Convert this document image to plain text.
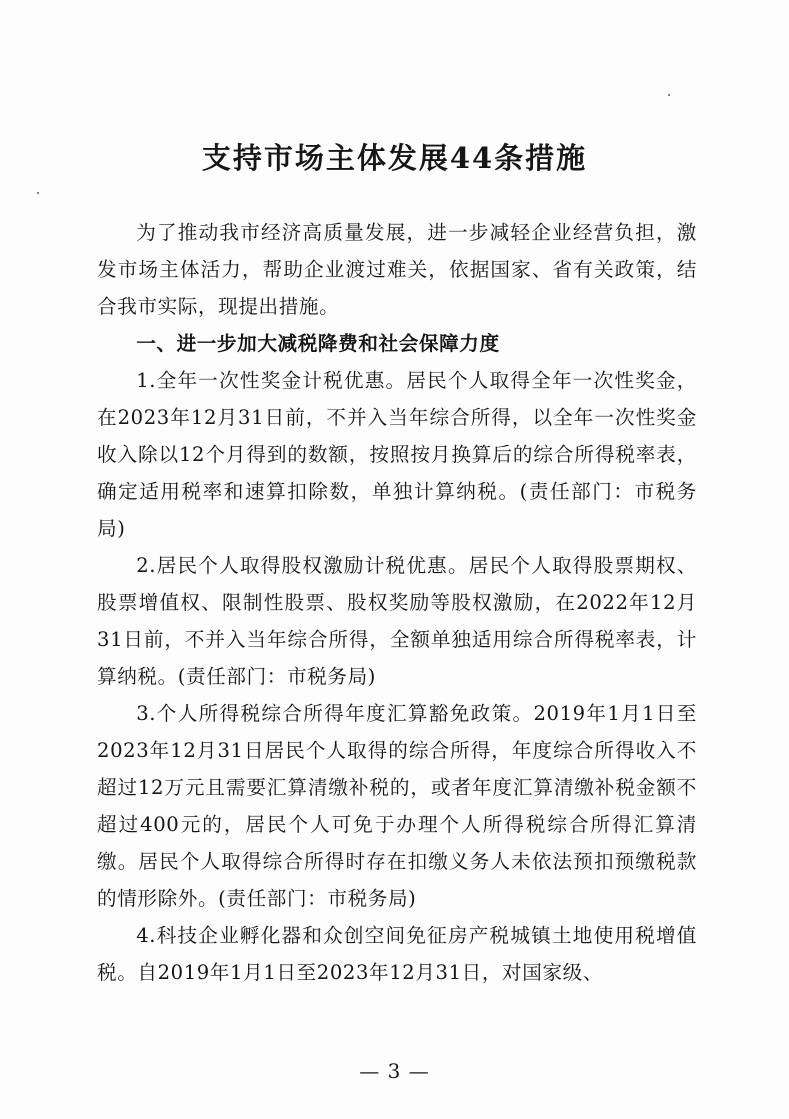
支持市场主体发展44条措施

为了推动我市经济高质量发展，进一步减轻企业经营负担，激发市场主体活力，帮助企业渡过难关，依据国家、省有关政策，结合我市实际，现提出措施。

一、进一步加大减税降费和社会保障力度

1.全年一次性奖金计税优惠。居民个人取得全年一次性奖金，在2023年12月31日前，不并入当年综合所得，以全年一次性奖金收入除以12个月得到的数额，按照按月换算后的综合所得税率表，确定适用税率和速算扣除数，单独计算纳税。(责任部门：市税务局)

2.居民个人取得股权激励计税优惠。居民个人取得股票期权、股票增值权、限制性股票、股权奖励等股权激励，在2022年12月31日前，不并入当年综合所得，全额单独适用综合所得税率表，计算纳税。(责任部门：市税务局)

3.个人所得税综合所得年度汇算豁免政策。2019年1月1日至2023年12月31日居民个人取得的综合所得，年度综合所得收入不超过12万元且需要汇算清缴补税的，或者年度汇算清缴补税金额不超过400元的，居民个人可免于办理个人所得税综合所得汇算清缴。居民个人取得综合所得时存在扣缴义务人未依法预扣预缴税款的情形除外。(责任部门：市税务局)

4.科技企业孵化器和众创空间免征房产税城镇土地使用税增值税。自2019年1月1日至2023年12月31日，对国家级、

— 3 —
